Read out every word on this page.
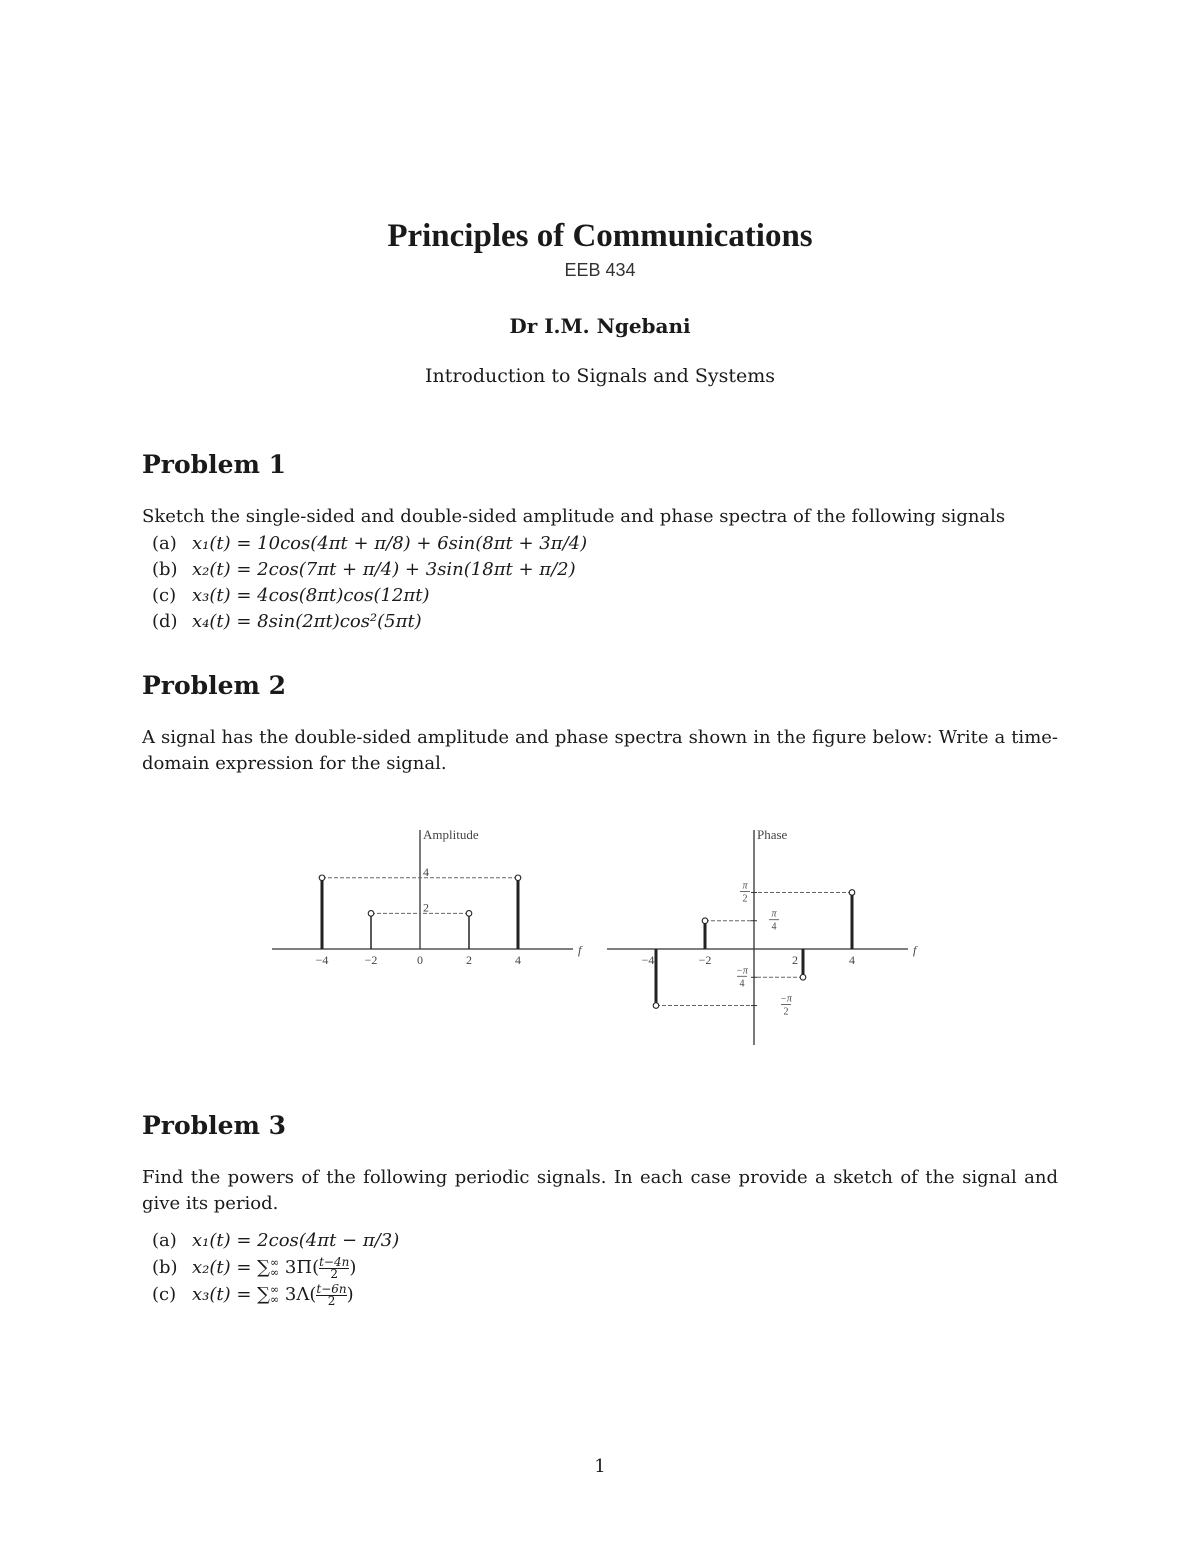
Principles of Communications
EEB 434
Dr I.M. Ngebani
Introduction to Signals and Systems
Problem 1
Sketch the single-sided and double-sided amplitude and phase spectra of the following signals
(a) x₁(t) = 10cos(4πt + π/8) + 6sin(8πt + 3π/4)
(b) x₂(t) = 2cos(7πt + π/4) + 3sin(18πt + π/2)
(c) x₃(t) = 4cos(8πt)cos(12πt)
(d) x₄(t) = 8sin(2πt)cos²(5πt)
Problem 2
A signal has the double-sided amplitude and phase spectra shown in the figure below: Write a time-domain expression for the signal.
Amplitude
f
−4	−2	0	2	4
4
2
Phase
f
−4	−2	2	4
π
2
π
4
−π
4
−π
2
Problem 3
Find the powers of the following periodic signals. In each case provide a sketch of the signal and give its period.
(a) x₁(t) = 2cos(4πt − π/3)
(b) x₂(t) = ∑ ∞
∞ $3\Pi( \frac{t-4n}{2}$ )
(c) x₃(t) = ∑ ∞
∞ $3\Lambda( \frac{t-6n}{2}$ )
1
